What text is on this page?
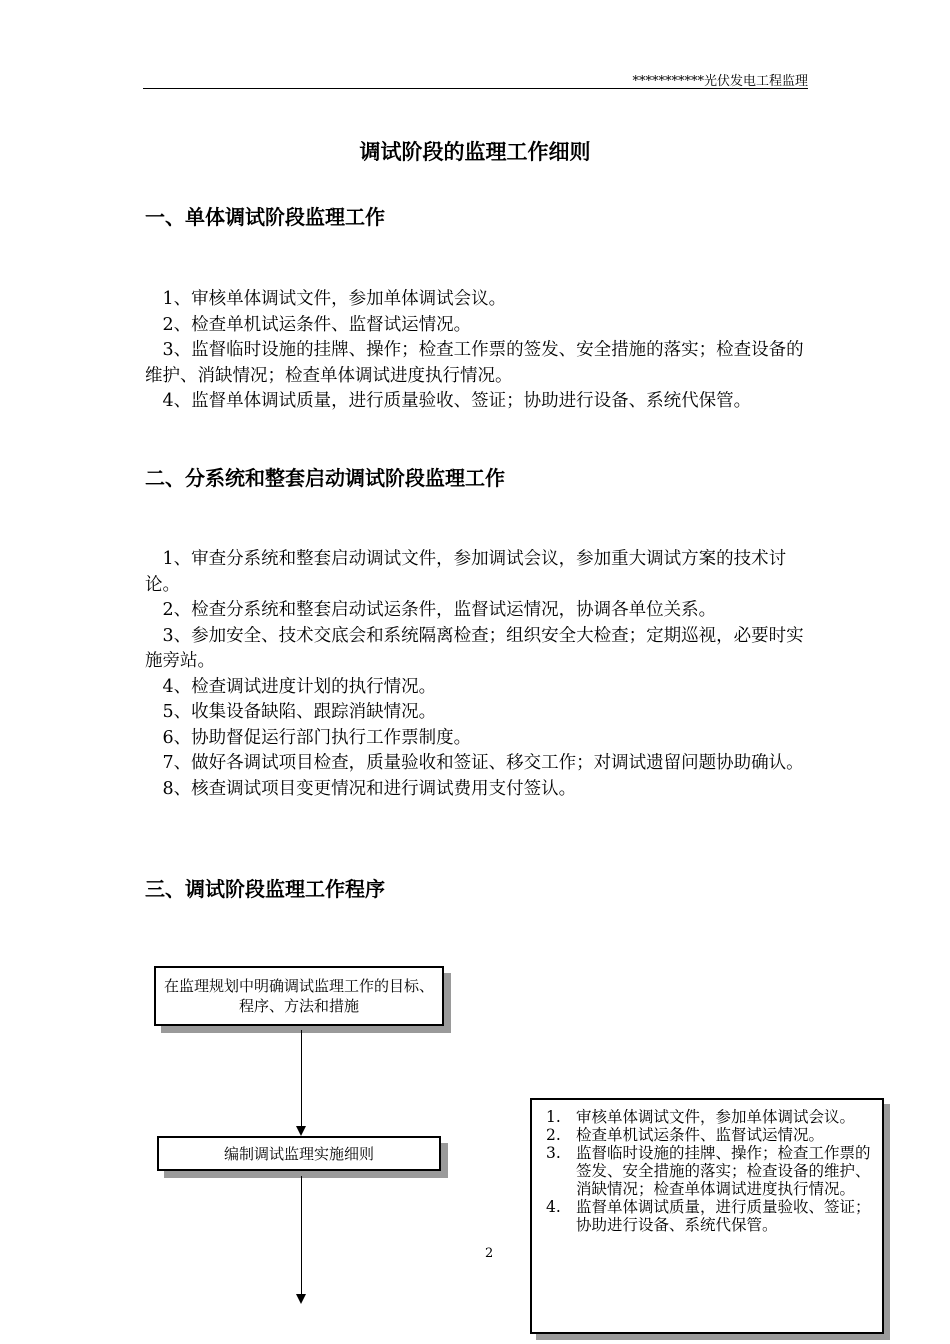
***********光伏发电工程监理
调试阶段的监理工作细则
一、单体调试阶段监理工作

1、审核单体调试文件，参加单体调试会议。

2、检查单机试运条件、监督试运情况。

3、监督临时设施的挂牌、操作；检查工作票的签发、安全措施的落实；检查设备的维护、消缺情况；检查单体调试进度执行情况。

4、监督单体调试质量，进行质量验收、签证；协助进行设备、系统代保管。

二、分系统和整套启动调试阶段监理工作

1、审查分系统和整套启动调试文件，参加调试会议，参加重大调试方案的技术讨论。

2、检查分系统和整套启动试运条件，监督试运情况，协调各单位关系。

3、参加安全、技术交底会和系统隔离检查；组织安全大检查；定期巡视，必要时实施旁站。

4、检查调试进度计划的执行情况。

5、收集设备缺陷、跟踪消缺情况。

6、协助督促运行部门执行工作票制度。

7、做好各调试项目检查，质量验收和签证、移交工作；对调试遗留问题协助确认。

8、核查调试项目变更情况和进行调试费用支付签认。

三、调试阶段监理工作程序
在监理规划中明确调试监理工作的目标、程序、方法和措施
编制调试监理实施细则
1. 审核单体调试文件，参加单体调试会议。
2. 检查单机试运条件、监督试运情况。
3. 监督临时设施的挂牌、操作；检查工作票的签发、安全措施的落实；检查设备的维护、消缺情况；检查单体调试进度执行情况。
4. 监督单体调试质量，进行质量验收、签证；协助进行设备、系统代保管。
2
